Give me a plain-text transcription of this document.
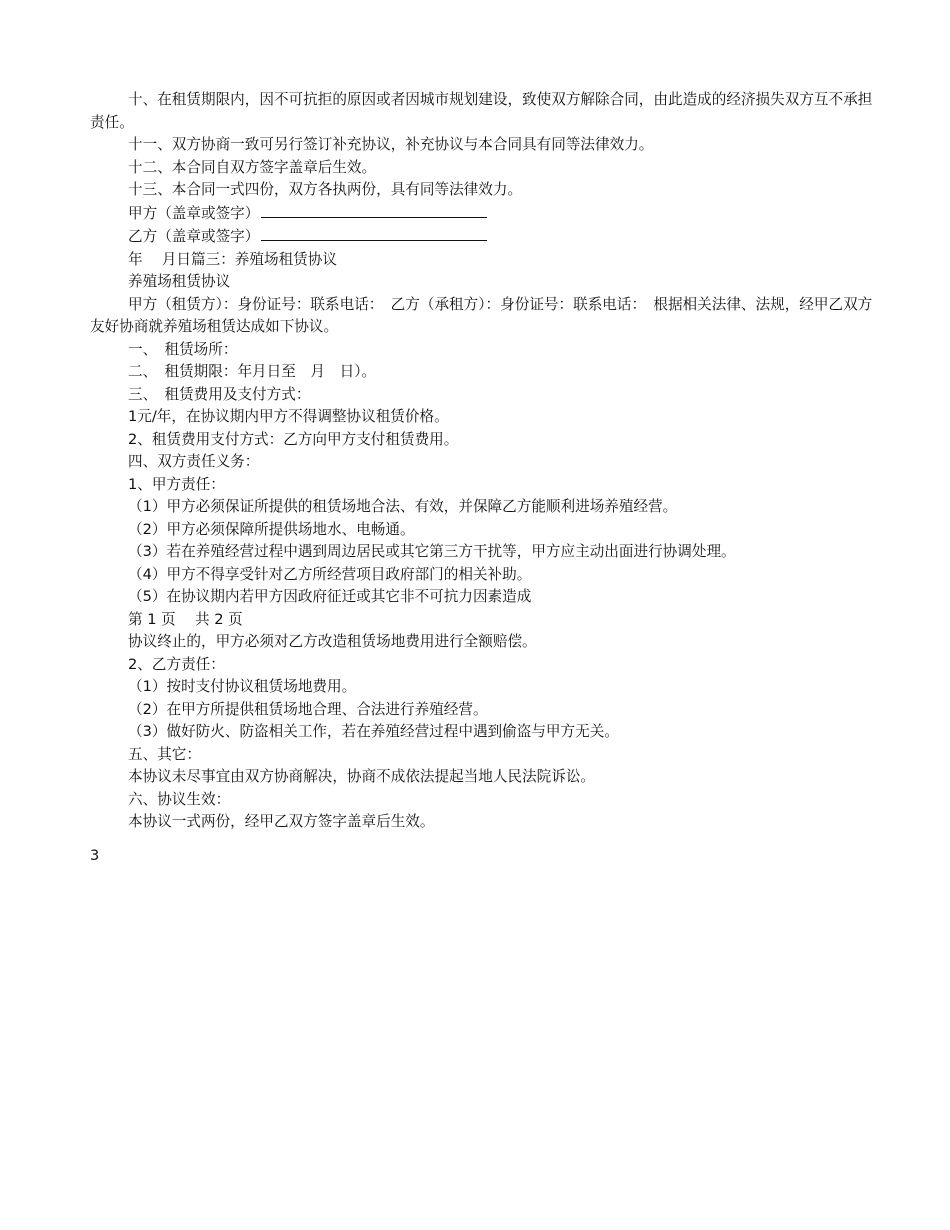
十、在租赁期限内，因不可抗拒的原因或者因城市规划建设，致使双方解除合同，由此造成的经济损失双方互不承担责任。

十一、双方协商一致可另行签订补充协议，补充协议与本合同具有同等法律效力。

十二、本合同自双方签字盖章后生效。

十三、本合同一式四份，双方各执两份，具有同等法律效力。

甲方（盖章或签字）

乙方（盖章或签字）

年　 月日篇三：养殖场租赁协议

养殖场租赁协议

甲方（租赁方）：身份证号：联系电话：　乙方（承租方）：身份证号：联系电话：　根据相关法律、法规，经甲乙双方友好协商就养殖场租赁达成如下协议。

一、　租赁场所：

二、　租赁期限：年月日至　月　日）。

三、　租赁费用及支付方式：

1元/年，在协议期内甲方不得调整协议租赁价格。

2、租赁费用支付方式：乙方向甲方支付租赁费用。

四、双方责任义务：

1、甲方责任：

（1）甲方必须保证所提供的租赁场地合法、有效，并保障乙方能顺利进场养殖经营。

（2）甲方必须保障所提供场地水、电畅通。

（3）若在养殖经营过程中遇到周边居民或其它第三方干扰等，甲方应主动出面进行协调处理。

（4）甲方不得享受针对乙方所经营项目政府部门的相关补助。

（5）在协议期内若甲方因政府征迁或其它非不可抗力因素造成

第 1 页　 共 2 页

协议终止的，甲方必须对乙方改造租赁场地费用进行全额赔偿。

2、乙方责任：

（1）按时支付协议租赁场地费用。

（2）在甲方所提供租赁场地合理、合法进行养殖经营。

（3）做好防火、防盗相关工作，若在养殖经营过程中遇到偷盗与甲方无关。

五、其它：

本协议未尽事宜由双方协商解决，协商不成依法提起当地人民法院诉讼。

六、协议生效：

本协议一式两份，经甲乙双方签字盖章后生效。

3
